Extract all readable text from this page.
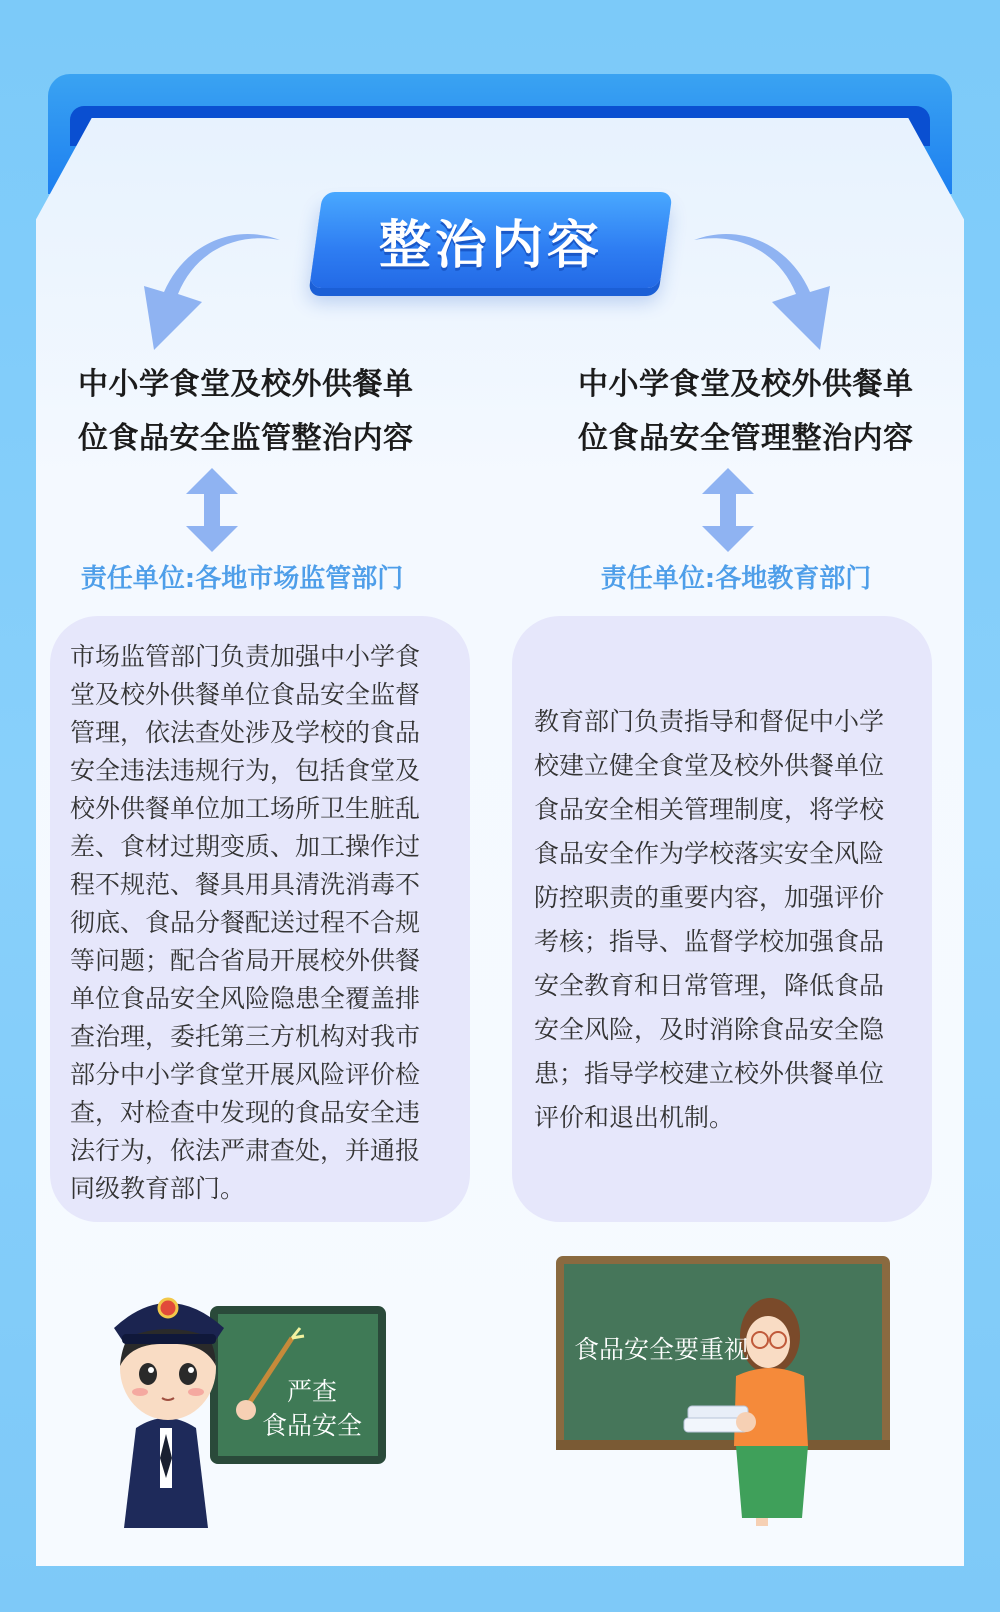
整治内容
中小学食堂及校外供餐单
位食品安全监管整治内容
中小学食堂及校外供餐单
位食品安全管理整治内容
责任单位:各地市场监管部门	责任单位:各地教育部门
市场监管部门负责加强中小学食
堂及校外供餐单位食品安全监督
管理，依法查处涉及学校的食品
安全违法违规行为，包括食堂及
校外供餐单位加工场所卫生脏乱
差、食材过期变质、加工操作过
程不规范、餐具用具清洗消毒不
彻底、食品分餐配送过程不合规
等问题；配合省局开展校外供餐
单位食品安全风险隐患全覆盖排
查治理，委托第三方机构对我市
部分中小学食堂开展风险评价检
查，对检查中发现的食品安全违
法行为，依法严肃查处，并通报
同级教育部门。
教育部门负责指导和督促中小学
校建立健全食堂及校外供餐单位
食品安全相关管理制度，将学校
食品安全作为学校落实安全风险
防控职责的重要内容，加强评价
考核；指导、监督学校加强食品
安全教育和日常管理，降低食品
安全风险，及时消除食品安全隐
患；指导学校建立校外供餐单位
评价和退出机制。
严查
食品安全
食品安全要重视
